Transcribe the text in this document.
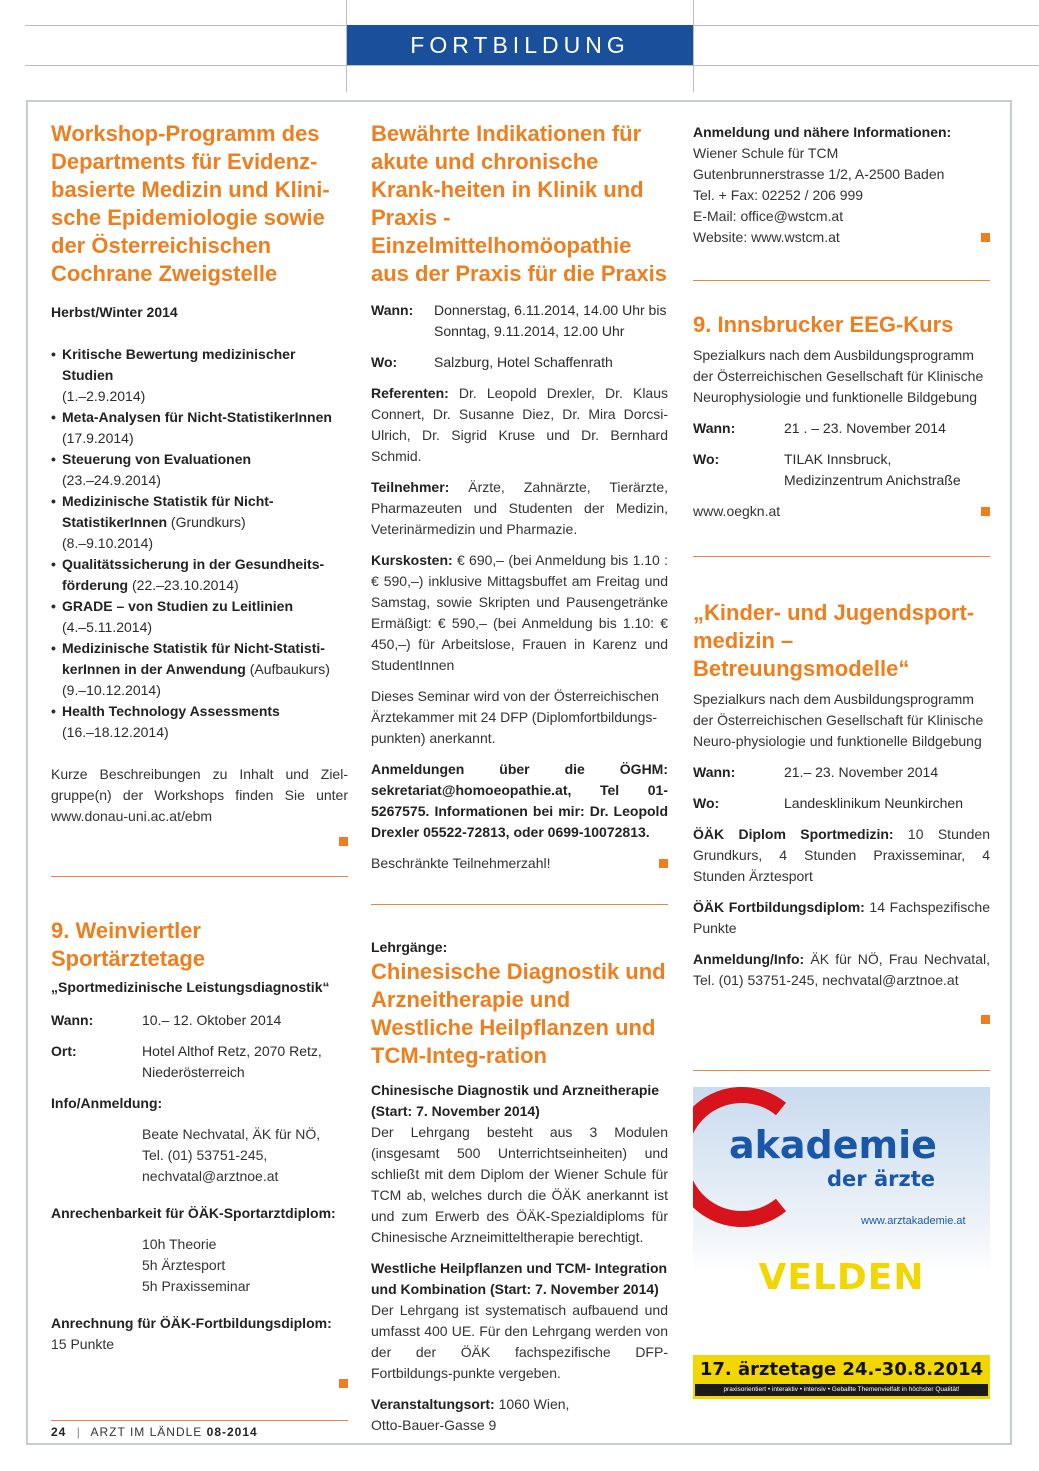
FORTBILDUNG
Workshop-Programm des Departments für Evidenz-basierte Medizin und Klini-sche Epidemiologie sowie der Österreichischen Cochrane Zweigstelle

Herbst/Winter 2014

• Kritische Bewertung medizinischer Studien
(1.–2.9.2014)
• Meta-Analysen für Nicht-StatistikerInnen
(17.9.2014)
• Steuerung von Evaluationen
(23.–24.9.2014)
• Medizinische Statistik für Nicht-StatistikerInnen (Grundkurs)
(8.–9.10.2014)
• Qualitätssicherung in der Gesundheits-förderung (22.–23.10.2014)
• GRADE – von Studien zu Leitlinien
(4.–5.11.2014)
• Medizinische Statistik für Nicht-Statisti-kerInnen in der Anwendung (Aufbaukurs)
(9.–10.12.2014)
• Health Technology Assessments
(16.–18.12.2014)

Kurze Beschreibungen zu Inhalt und Ziel-gruppe(n) der Workshops finden Sie unter www.donau-uni.ac.at/ebm

9. Weinviertler Sportärztetage

„Sportmedizinische Leistungsdiagnostik“

Wann:	10.– 12. Oktober 2014
Ort:	Hotel Althof Retz, 2070 Retz, Niederösterreich

Info/Anmeldung:

Beate Nechvatal, ÄK für NÖ,
Tel. (01) 53751-245,
nechvatal@arztnoe.at

Anrechenbarkeit für ÖÄK-Sportarztdiplom:

10h Theorie
5h Ärztesport
5h Praxisseminar

Anrechnung für ÖÄK-Fortbildungsdiplom:

15 Punkte

Bewährte Indikationen für akute und chronische Krank-heiten in Klinik und Praxis - Einzelmittelhomöopathie aus der Praxis für die Praxis
Wann:	Donnerstag, 6.11.2014, 14.00 Uhr bis Sonntag, 9.11.2014, 12.00 Uhr
Wo:	Salzburg, Hotel Schaffenrath

Referenten: Dr. Leopold Drexler, Dr. Klaus Connert, Dr. Susanne Diez, Dr. Mira Dorcsi-Ulrich, Dr. Sigrid Kruse und Dr. Bernhard Schmid.

Teilnehmer: Ärzte, Zahnärzte, Tierärzte, Pharmazeuten und Studenten der Medizin, Veterinärmedizin und Pharmazie.

Kurskosten: € 690,– (bei Anmeldung bis 1.10 : € 590,–) inklusive Mittagsbuffet am Freitag und Samstag, sowie Skripten und Pausengetränke Ermäßigt: € 590,– (bei Anmeldung bis 1.10: € 450,–) für Arbeitslose, Frauen in Karenz und StudentInnen

Dieses Seminar wird von der Österreichischen Ärztekammer mit 24 DFP (Diplomfortbildungs-punkten) anerkannt.

Anmeldungen über die ÖGHM: sekretariat@homoeopathie.at, Tel 01-5267575. Informationen bei mir: Dr. Leopold Drexler 05522-72813, oder 0699-10072813.

Beschränkte Teilnehmerzahl!

Lehrgänge:

Chinesische Diagnostik und Arzneitherapie und Westliche Heilpflanzen und TCM-Integ-ration

Chinesische Diagnostik und Arzneitherapie (Start: 7. November 2014)

Der Lehrgang besteht aus 3 Modulen (insgesamt 500 Unterrichtseinheiten) und schließt mit dem Diplom der Wiener Schule für TCM ab, welches durch die ÖÄK anerkannt ist und zum Erwerb des ÖÄK-Spezialdiploms für Chinesische Arzneimitteltherapie berechtigt.

Westliche Heilpflanzen und TCM- Integration und Kombination (Start: 7. November 2014)

Der Lehrgang ist systematisch aufbauend und umfasst 400 UE. Für den Lehrgang werden von der der ÖÄK fachspezifische DFP- Fortbildungs-punkte vergeben.

Veranstaltungsort: 1060 Wien, Otto-Bauer-Gasse 9

Anmeldung und nähere Informationen:

Wiener Schule für TCM
Gutenbrunnerstrasse 1/2, A-2500 Baden
Tel. + Fax: 02252 / 206 999
E-Mail: office@wstcm.at
Website: www.wstcm.at
9. Innsbrucker EEG-Kurs

Spezialkurs nach dem Ausbildungsprogramm der Österreichischen Gesellschaft für Klinische Neurophysiologie und funktionelle Bildgebung

Wann:	21 . – 23. November 2014
Wo:	TILAK Innsbruck, Medizinzentrum Anichstraße

www.oegkn.at

„Kinder- und Jugendsport-medizin – Betreuungsmodelle“

Spezialkurs nach dem Ausbildungsprogramm der Österreichischen Gesellschaft für Klinische Neuro-physiologie und funktionelle Bildgebung

Wann:	21.– 23. November 2014
Wo:	Landesklinikum Neunkirchen

ÖÄK Diplom Sportmedizin: 10 Stunden Grundkurs, 4 Stunden Praxisseminar, 4 Stunden Ärztesport

ÖÄK Fortbildungsdiplom: 14 Fachspezifische Punkte

Anmeldung/Info: ÄK für NÖ, Frau Nechvatal, Tel. (01) 53751-245, nechvatal@arztnoe.at

akademie
der ärzte
www.arztakademie.at
VELDEN
17. ärztetage 24.-30.8.2014
praxisorientiert • interaktiv • intensiv • Geballte Themenvielfalt in höchster Qualität!
24 | ARZT IM LÄNDLE 08-2014
